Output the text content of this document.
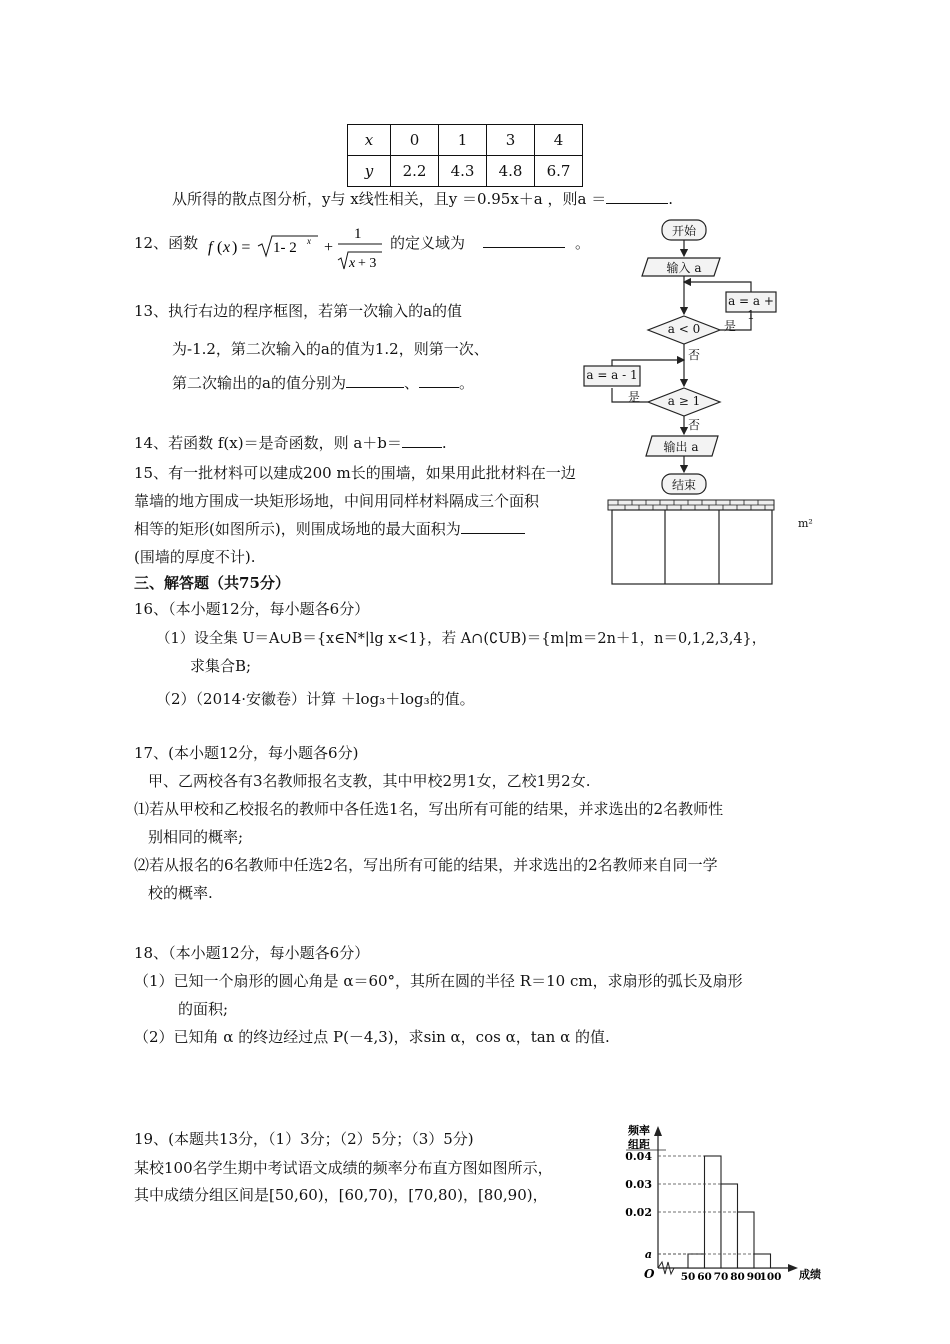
x	0	1	3	4
y	2.2	4.3	4.8	6.7
从所得的散点图分析，y与 x线性相关，且y ＝0.95x＋a ，则a ＝	.
12、函数 f ( x ) = 1- 2 x +
1
x + 3
的定义域为	。
13、执行右边的程序框图，若第一次输入的a的值
为-1.2，第二次输入的a的值为1.2，则第一次、
第二次输出的a的值分别为	、	。
14、若函数 f(x)＝是奇函数，则 a＋b＝	.
15、有一批材料可以建成200 m长的围墙，如果用此批材料在一边
靠墙的地方围成一块矩形场地，中间用同样材料隔成三个面积
相等的矩形(如图所示)，则围成场地的最大面积为	m²
(围墙的厚度不计).
开始
输入 a
a = a + 1
a < 0	是
否
a = a - 1
a ≥ 1
是
否
输出 a
结束
三、解答题（共75分）
16、（本小题12分，每小题各6分）
（1）设全集 U＝A∪B＝{x∈N*|lg x<1}，若 A∩(∁UB)＝{m|m＝2n＋1，n＝0,1,2,3,4}，
求集合B;
（2）（2014·安徽卷）计算 ＋log₃＋log₃的值。
17、(本小题12分，每小题各6分)
甲、乙两校各有3名教师报名支教，其中甲校2男1女，乙校1男2女.
⑴若从甲校和乙校报名的教师中各任选1名，写出所有可能的结果，并求选出的2名教师性
别相同的概率;
⑵若从报名的6名教师中任选2名，写出所有可能的结果，并求选出的2名教师来自同一学
校的概率.
18、（本小题12分，每小题各6分）
（1）已知一个扇形的圆心角是 α＝60°，其所在圆的半径 R＝10 cm，求扇形的弧长及扇形
的面积;
（2）已知角 α 的终边经过点 P(－4,3)，求sin α，cos α，tan α 的值.
19、(本题共13分，（1）3分；（2）5分；（3）5分)
某校100名学生期中考试语文成绩的频率分布直方图如图所示，
其中成绩分组区间是[50,60)，[60,70)，[70,80)，[80,90)，
频率
组距
O	成绩
0.04
0.03
0.02
a
50 60 70 80 90
100
